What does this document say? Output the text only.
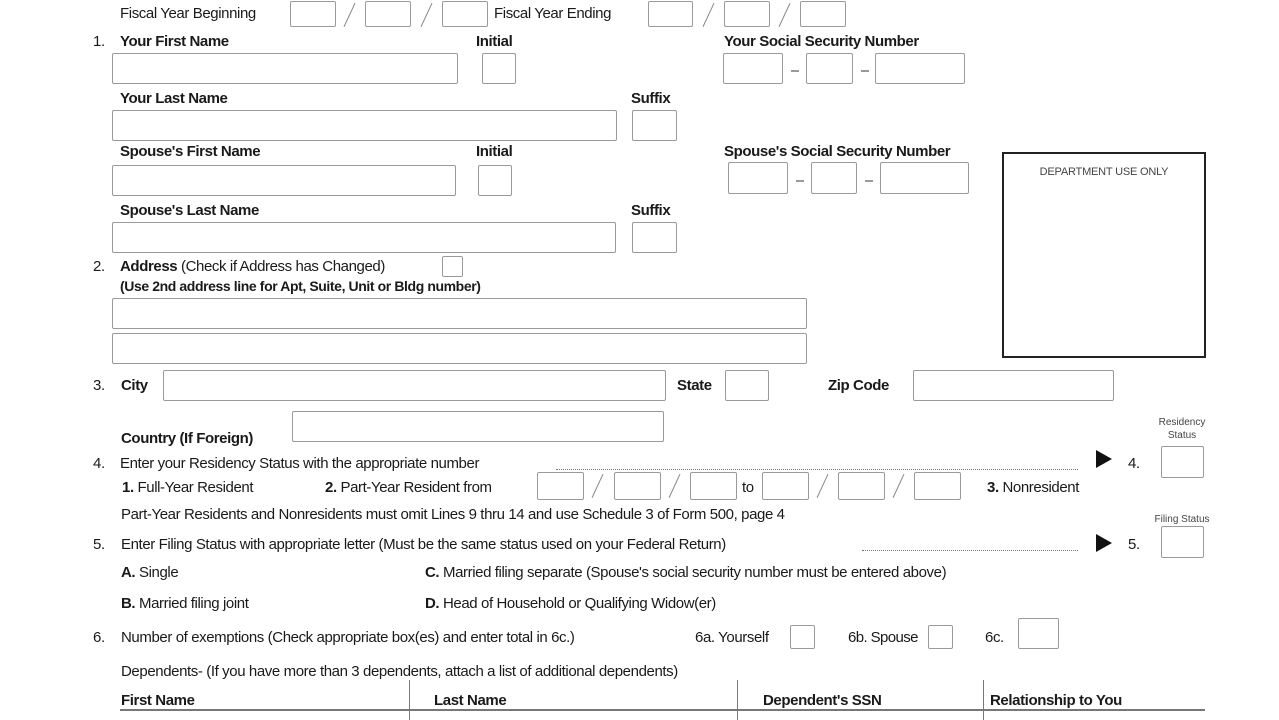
Fiscal Year Beginning	Fiscal Year Ending
1. Your First Name	Initial	Your Social Security Number
Your Last Name	Suffix
Spouse's First Name	Initial	Spouse's Social Security Number
DEPARTMENT USE ONLY
Spouse's Last Name	Suffix
2. Address (Check if Address has Changed)
(Use 2nd address line for Apt, Suite, Unit or Bldg number)
3. City	State	Zip Code
Country (If Foreign)
Residency
Status
4. Enter your Residency Status with the appropriate number	4.
1. Full-Year Resident	2. Part-Year Resident from	to	3. Nonresident
Part-Year Residents and Nonresidents must omit Lines 9 thru 14 and use Schedule 3 of Form 500, page 4	Filing Status
5. Enter Filing Status with appropriate letter (Must be the same status used on your Federal Return)	5.
A. Single	C. Married filing separate (Spouse's social security number must be entered above)
B. Married filing joint	D. Head of Household or Qualifying Widow(er)
6. Number of exemptions (Check appropriate box(es) and enter total in 6c.)	6a. Yourself	6b. Spouse	6c.
Dependents- (If you have more than 3 dependents, attach a list of additional dependents)
First Name	Last Name	Dependent's SSN	Relationship to You
